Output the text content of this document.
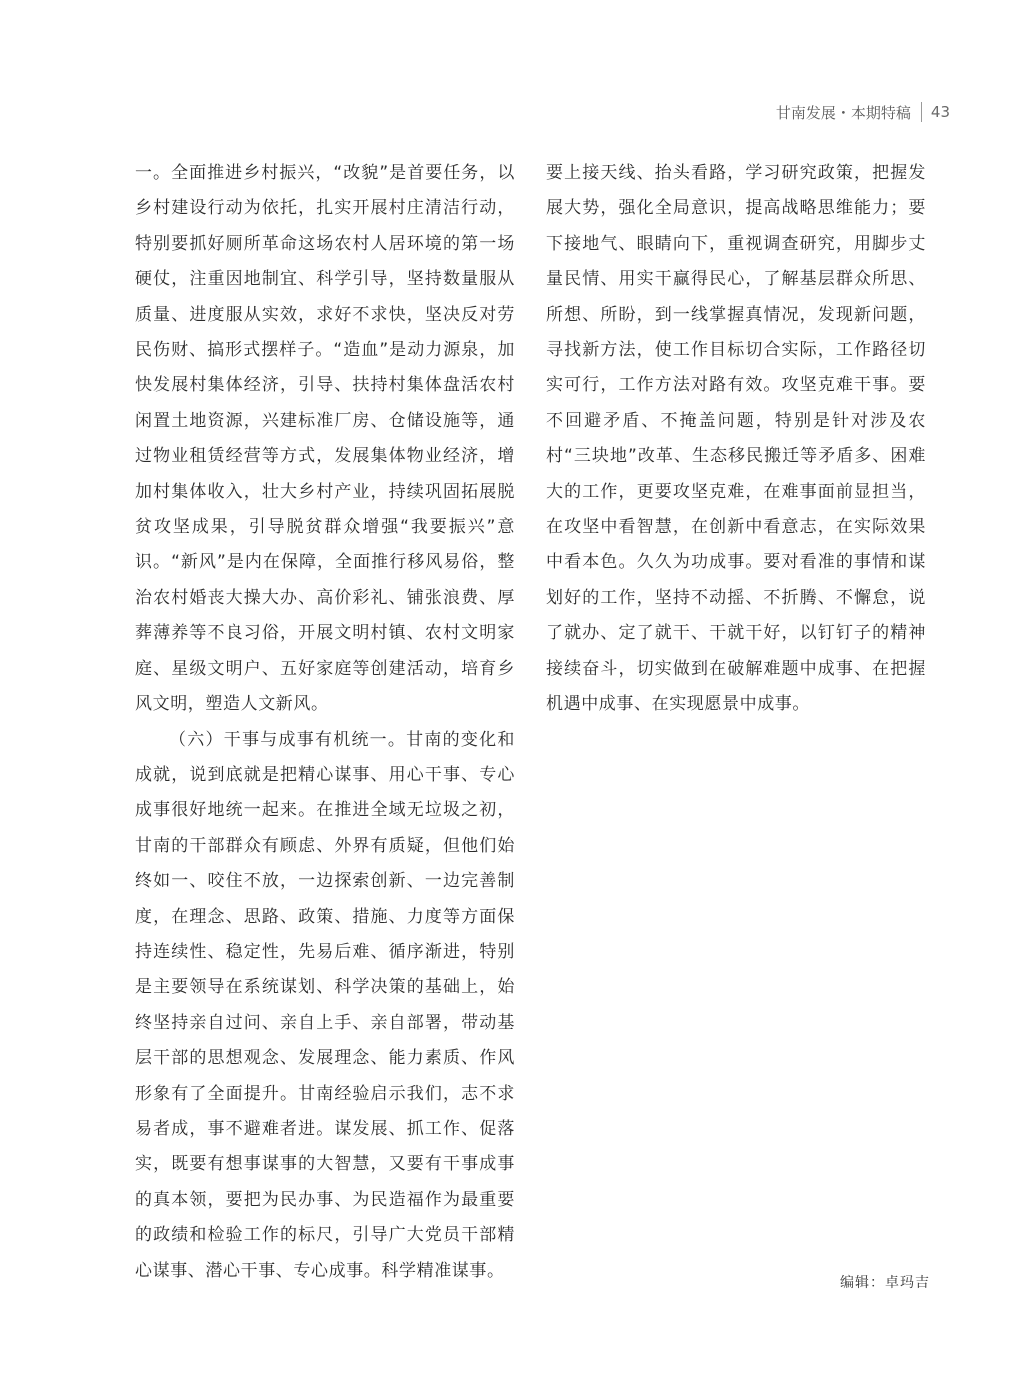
甘南发展・本期特稿 43

一。全面推进乡村振兴，“改貌”是首要任务，以乡村建设行动为依托，扎实开展村庄清洁行动，特别要抓好厕所革命这场农村人居环境的第一场硬仗，注重因地制宜、科学引导，坚持数量服从质量、进度服从实效，求好不求快，坚决反对劳民伤财、搞形式摆样子。“造血”是动力源泉，加快发展村集体经济，引导、扶持村集体盘活农村闲置土地资源，兴建标准厂房、仓储设施等，通过物业租赁经营等方式，发展集体物业经济，增加村集体收入，壮大乡村产业，持续巩固拓展脱贫攻坚成果，引导脱贫群众增强“我要振兴”意识。“新风”是内在保障，全面推行移风易俗，整治农村婚丧大操大办、高价彩礼、铺张浪费、厚葬薄养等不良习俗，开展文明村镇、农村文明家庭、星级文明户、五好家庭等创建活动，培育乡风文明，塑造人文新风。

（六）干事与成事有机统一。甘南的变化和成就，说到底就是把精心谋事、用心干事、专心成事很好地统一起来。在推进全域无垃圾之初，甘南的干部群众有顾虑、外界有质疑，但他们始终如一、咬住不放，一边探索创新、一边完善制度，在理念、思路、政策、措施、力度等方面保持连续性、稳定性，先易后难、循序渐进，特别是主要领导在系统谋划、科学决策的基础上，始终坚持亲自过问、亲自上手、亲自部署，带动基层干部的思想观念、发展理念、能力素质、作风形象有了全面提升。甘南经验启示我们，志不求易者成，事不避难者进。谋发展、抓工作、促落实，既要有想事谋事的大智慧，又要有干事成事的真本领，要把为民办事、为民造福作为最重要的政绩和检验工作的标尺，引导广大党员干部精心谋事、潜心干事、专心成事。科学精准谋事。

要上接天线、抬头看路，学习研究政策，把握发展大势，强化全局意识，提高战略思维能力；要下接地气、眼睛向下，重视调查研究，用脚步丈量民情、用实干赢得民心，了解基层群众所思、所想、所盼，到一线掌握真情况，发现新问题，寻找新方法，使工作目标切合实际，工作路径切实可行，工作方法对路有效。攻坚克难干事。要不回避矛盾、不掩盖问题，特别是针对涉及农村“三块地”改革、生态移民搬迁等矛盾多、困难大的工作，更要攻坚克难，在难事面前显担当，在攻坚中看智慧，在创新中看意志，在实际效果中看本色。久久为功成事。要对看准的事情和谋划好的工作，坚持不动摇、不折腾、不懈怠，说了就办、定了就干、干就干好，以钉钉子的精神接续奋斗，切实做到在破解难题中成事、在把握机遇中成事、在实现愿景中成事。

编辑：卓玛吉
